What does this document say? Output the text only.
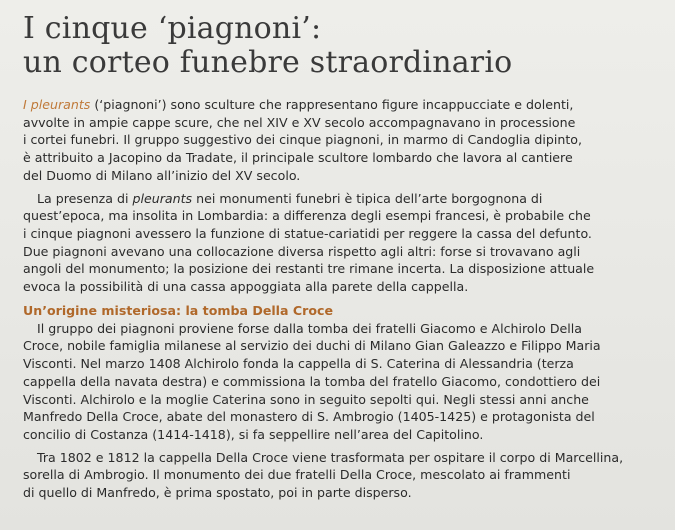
I cinque ‘piagnoni’:
un corteo funebre straordinario
I pleurants (‘piagnoni’) sono sculture che rappresentano figure incappucciate e dolenti,
avvolte in ampie cappe scure, che nel XIV e XV secolo accompagnavano in processione
i cortei funebri. Il gruppo suggestivo dei cinque piagnoni, in marmo di Candoglia dipinto,
è attribuito a Jacopino da Tradate, il principale scultore lombardo che lavora al cantiere
del Duomo di Milano all’inizio del XV secolo.
La presenza di pleurants nei monumenti funebri è tipica dell’arte borgognona di
quest’epoca, ma insolita in Lombardia: a differenza degli esempi francesi, è probabile che
i cinque piagnoni avessero la funzione di statue-cariatidi per reggere la cassa del defunto.
Due piagnoni avevano una collocazione diversa rispetto agli altri: forse si trovavano agli
angoli del monumento; la posizione dei restanti tre rimane incerta. La disposizione attuale
evoca la possibilità di una cassa appoggiata alla parete della cappella.
Un’origine misteriosa: la tomba Della Croce
Il gruppo dei piagnoni proviene forse dalla tomba dei fratelli Giacomo e Alchirolo Della
Croce, nobile famiglia milanese al servizio dei duchi di Milano Gian Galeazzo e Filippo Maria
Visconti. Nel marzo 1408 Alchirolo fonda la cappella di S. Caterina di Alessandria (terza
cappella della navata destra) e commissiona la tomba del fratello Giacomo, condottiero dei
Visconti. Alchirolo e la moglie Caterina sono in seguito sepolti qui. Negli stessi anni anche
Manfredo Della Croce, abate del monastero di S. Ambrogio (1405-1425) e protagonista del
concilio di Costanza (1414-1418), si fa seppellire nell’area del Capitolino.
Tra 1802 e 1812 la cappella Della Croce viene trasformata per ospitare il corpo di Marcellina,
sorella di Ambrogio. Il monumento dei due fratelli Della Croce, mescolato ai frammenti
di quello di Manfredo, è prima spostato, poi in parte disperso.
